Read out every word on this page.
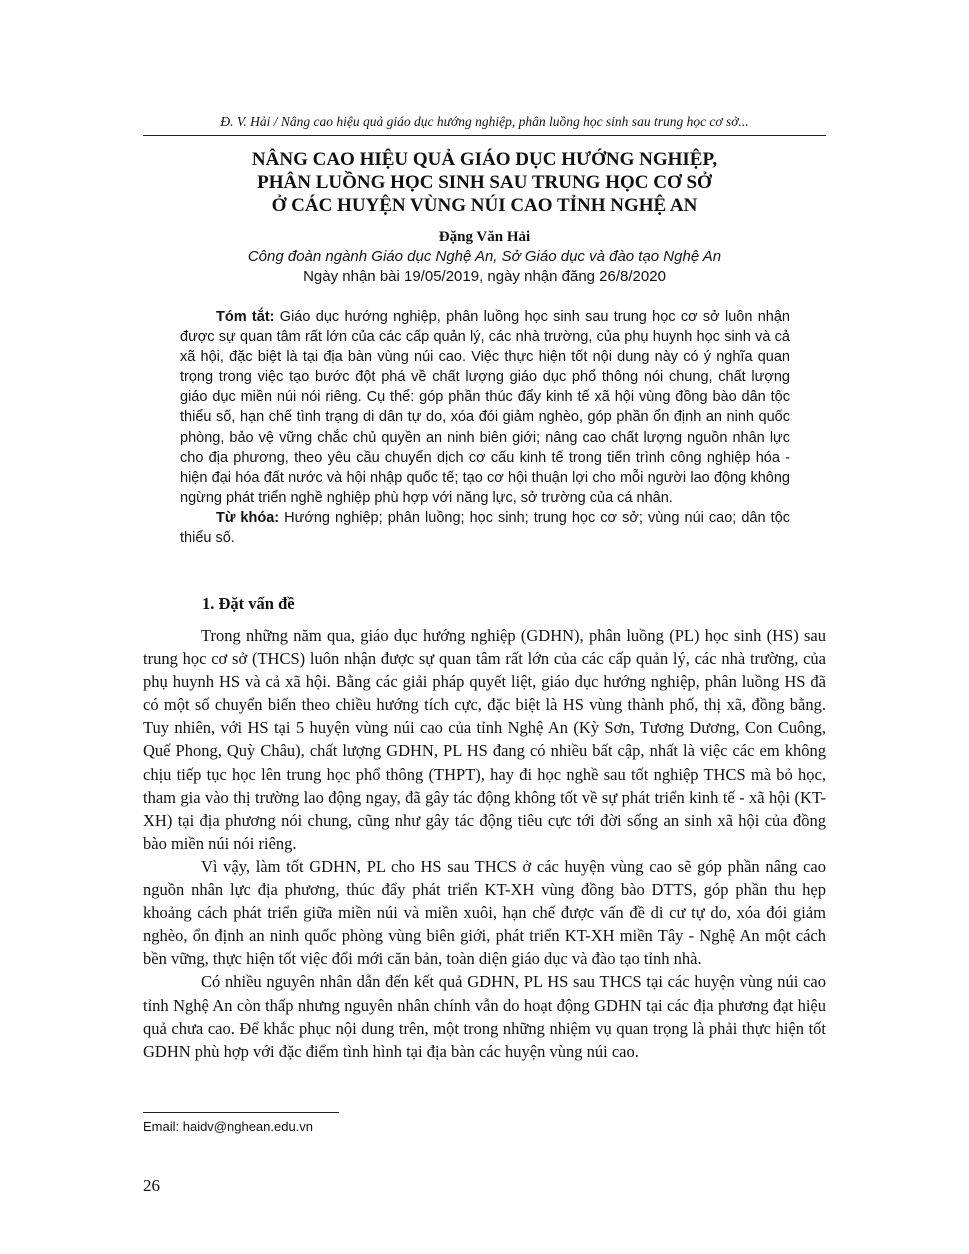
Đ. V. Hải / Nâng cao hiệu quả giáo dục hướng nghiệp, phân luồng học sinh sau trung học cơ sở...
NÂNG CAO HIỆU QUẢ GIÁO DỤC HƯỚNG NGHIỆP,
PHÂN LUỒNG HỌC SINH SAU TRUNG HỌC CƠ SỞ
Ở CÁC HUYỆN VÙNG NÚI CAO TỈNH NGHỆ AN
Đặng Văn Hải
Công đoàn ngành Giáo dục Nghệ An, Sở Giáo dục và đào tạo Nghệ An
Ngày nhận bài 19/05/2019, ngày nhận đăng 26/8/2020

Tóm tắt: Giáo dục hướng nghiệp, phân luồng học sinh sau trung học cơ sở luôn nhận được sự quan tâm rất lớn của các cấp quản lý, các nhà trường, của phụ huynh học sinh và cả xã hội, đặc biệt là tại địa bàn vùng núi cao. Việc thực hiện tốt nội dung này có ý nghĩa quan trọng trong việc tạo bước đột phá về chất lượng giáo dục phổ thông nói chung, chất lượng giáo dục miền núi nói riêng. Cụ thể: góp phần thúc đẩy kinh tế xã hội vùng đồng bào dân tộc thiểu số, hạn chế tình trạng di dân tự do, xóa đói giảm nghèo, góp phần ổn định an ninh quốc phòng, bảo vệ vững chắc chủ quyền an ninh biên giới; nâng cao chất lượng nguồn nhân lực cho địa phương, theo yêu cầu chuyển dịch cơ cấu kinh tế trong tiến trình công nghiệp hóa - hiện đại hóa đất nước và hội nhập quốc tế; tạo cơ hội thuận lợi cho mỗi người lao động không ngừng phát triển nghề nghiệp phù hợp với năng lực, sở trường của cá nhân.

Từ khóa: Hướng nghiệp; phân luồng; học sinh; trung học cơ sở; vùng núi cao; dân tộc thiểu số.

1. Đặt vấn đề

Trong những năm qua, giáo dục hướng nghiệp (GDHN), phân luồng (PL) học sinh (HS) sau trung học cơ sở (THCS) luôn nhận được sự quan tâm rất lớn của các cấp quản lý, các nhà trường, của phụ huynh HS và cả xã hội. Bằng các giải pháp quyết liệt, giáo dục hướng nghiệp, phân luồng HS đã có một số chuyển biến theo chiều hướng tích cực, đặc biệt là HS vùng thành phố, thị xã, đồng bằng. Tuy nhiên, với HS tại 5 huyện vùng núi cao của tỉnh Nghệ An (Kỳ Sơn, Tương Dương, Con Cuông, Quế Phong, Quỳ Châu), chất lượng GDHN, PL HS đang có nhiều bất cập, nhất là việc các em không chịu tiếp tục học lên trung học phổ thông (THPT), hay đi học nghề sau tốt nghiệp THCS mà bỏ học, tham gia vào thị trường lao động ngay, đã gây tác động không tốt về sự phát triển kinh tế - xã hội (KT-XH) tại địa phương nói chung, cũng như gây tác động tiêu cực tới đời sống an sinh xã hội của đồng bào miền núi nói riêng.

Vì vậy, làm tốt GDHN, PL cho HS sau THCS ở các huyện vùng cao sẽ góp phần nâng cao nguồn nhân lực địa phương, thúc đẩy phát triển KT-XH vùng đồng bào DTTS, góp phần thu hẹp khoảng cách phát triển giữa miền núi và miền xuôi, hạn chế được vấn đề di cư tự do, xóa đói giảm nghèo, ổn định an ninh quốc phòng vùng biên giới, phát triển KT-XH miền Tây - Nghệ An một cách bền vững, thực hiện tốt việc đổi mới căn bản, toàn diện giáo dục và đào tạo tỉnh nhà.

Có nhiều nguyên nhân dẫn đến kết quả GDHN, PL HS sau THCS tại các huyện vùng núi cao tỉnh Nghệ An còn thấp nhưng nguyên nhân chính vẫn do hoạt động GDHN tại các địa phương đạt hiệu quả chưa cao. Để khắc phục nội dung trên, một trong những nhiệm vụ quan trọng là phải thực hiện tốt GDHN phù hợp với đặc điểm tình hình tại địa bàn các huyện vùng núi cao.

Email: haidv@nghean.edu.vn
26
